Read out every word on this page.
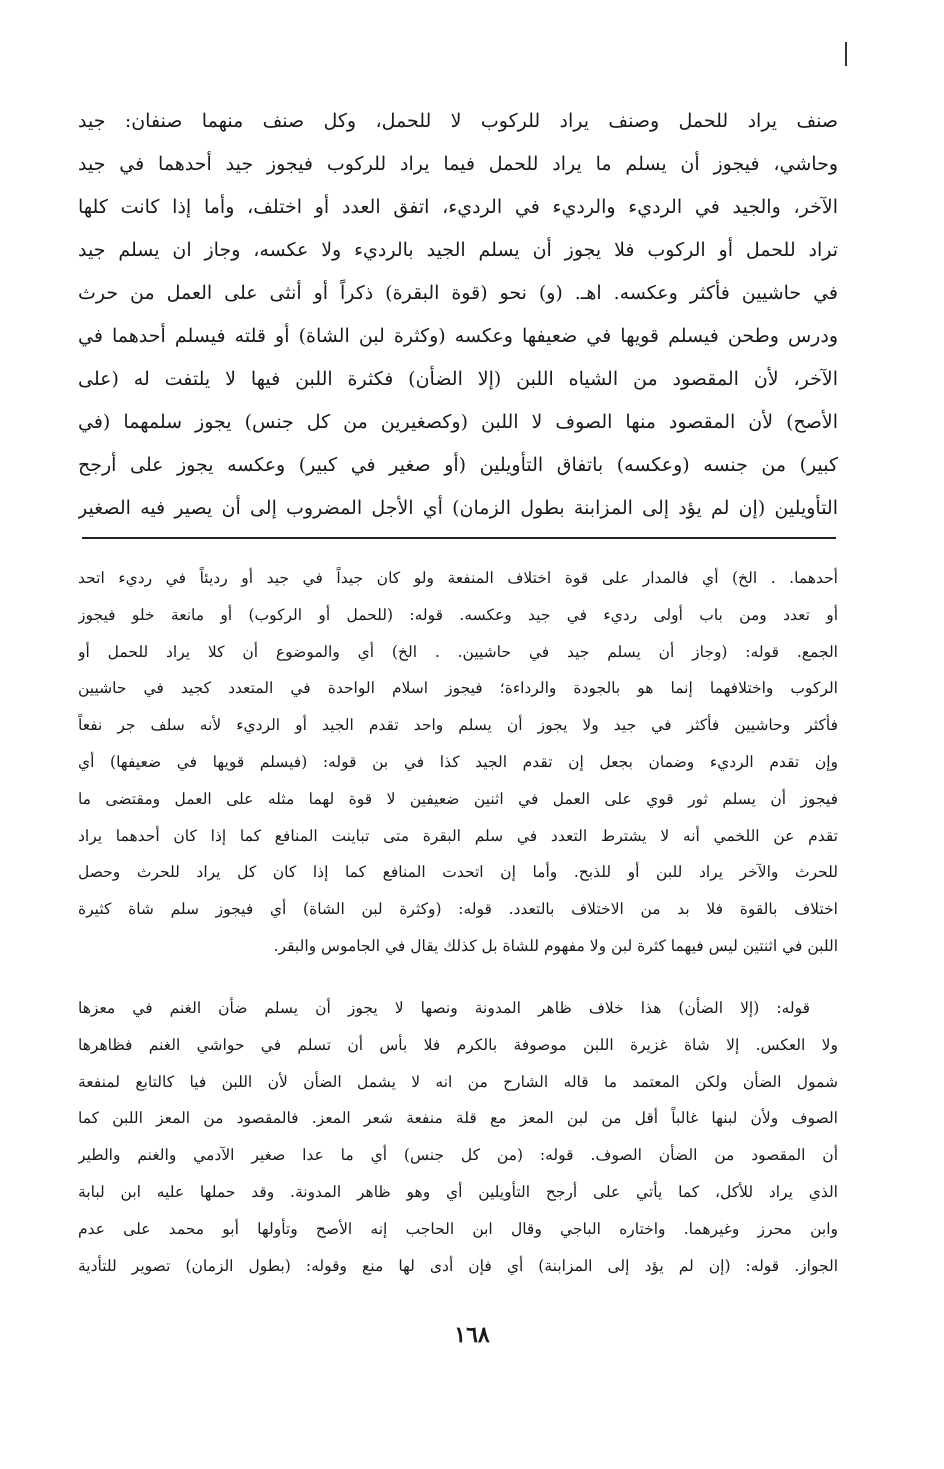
صنف يراد للحمل وصنف يراد للركوب لا للحمل، وكل صنف منهما صنفان: جيد
وحاشي، فيجوز أن يسلم ما يراد للحمل فيما يراد للركوب فيجوز جيد أحدهما في جيد
الآخر، والجيد في الرديء والرديء في الرديء، اتفق العدد أو اختلف، وأما إذا كانت كلها
تراد للحمل أو الركوب فلا يجوز أن يسلم الجيد بالرديء ولا عكسه، وجاز ان يسلم جيد
في حاشيين فأكثر وعكسه. اهـ. (و) نحو (قوة البقرة) ذكراً أو أنثى على العمل من حرث
ودرس وطحن فيسلم قويها في ضعيفها وعكسه (وكثرة لبن الشاة) أو قلته فيسلم أحدهما في
الآخر، لأن المقصود من الشياه اللبن (إلا الضأن) فكثرة اللبن فيها لا يلتفت له (على
الأصح) لأن المقصود منها الصوف لا اللبن (وكصغيرين من كل جنس) يجوز سلمهما (في
كبير) من جنسه (وعكسه) باتفاق التأويلين (أو صغير في كبير) وعكسه يجوز على أرجح
التأويلين (إن لم يؤد إلى المزابنة بطول الزمان) أي الأجل المضروب إلى أن يصير فيه الصغير
أحدهما. . الخ) أي فالمدار على قوة اختلاف المنفعة ولو كان جيداً في جيد أو رديئاً في رديء اتحد
أو تعدد ومن باب أولى رديء في جيد وعكسه. قوله: (للحمل أو الركوب) أو مانعة خلو فيجوز
الجمع. قوله: (وجاز أن يسلم جيد في حاشيين. . الخ) أي والموضوع أن كلا يراد للحمل أو
الركوب واختلافهما إنما هو بالجودة والرداءة؛ فيجوز اسلام الواحدة في المتعدد كجيد في حاشيين
فأكثر وحاشيين فأكثر في جيد ولا يجوز أن يسلم واحد تقدم الجيد أو الرديء لأنه سلف جر نفعاً
وإن تقدم الرديء وضمان بجعل إن تقدم الجيد كذا في بن قوله: (فيسلم قويها في ضعيفها) أي
فيجوز أن يسلم ثور قوي على العمل في اثنين ضعيفين لا قوة لهما مثله على العمل ومقتضى ما
تقدم عن اللخمي أنه لا يشترط التعدد في سلم البقرة متى تباينت المنافع كما إذا كان أحدهما يراد
للحرث والآخر يراد للبن أو للذبح. وأما إن اتحدت المنافع كما إذا كان كل يراد للحرث وحصل
اختلاف بالقوة فلا بد من الاختلاف بالتعدد. قوله: (وكثرة لبن الشاة) أي فيجوز سلم شاة كثيرة
اللبن في اثنتين ليس فيهما كثرة لبن ولا مفهوم للشاة بل كذلك يقال في الجاموس والبقر.
قوله: (إلا الضأن) هذا خلاف ظاهر المدونة ونصها لا يجوز أن يسلم ضأن الغنم في معزها
ولا العكس. إلا شاة غزيرة اللبن موصوفة بالكرم فلا بأس أن تسلم في حواشي الغنم فظاهرها
شمول الضأن ولكن المعتمد ما قاله الشارح من انه لا يشمل الضأن لأن اللبن فيا كالتابع لمنفعة
الصوف ولأن لبنها غالباً أقل من لبن المعز مع قلة منفعة شعر المعز. فالمقصود من المعز اللبن كما
أن المقصود من الضأن الصوف. قوله: (من كل جنس) أي ما عدا صغير الآدمي والغنم والطير
الذي يراد للأكل، كما يأتي على أرجح التأويلين أي وهو ظاهر المدونة. وقد حملها عليه ابن لبابة
وابن محرز وغيرهما. واختاره الباجي وقال ابن الحاجب إنه الأصح وتأولها أبو محمد على عدم
الجواز. قوله: (إن لم يؤد إلى المزابنة) أي فإن أدى لها منع وقوله: (بطول الزمان) تصوير للتأدية
١٦٨
